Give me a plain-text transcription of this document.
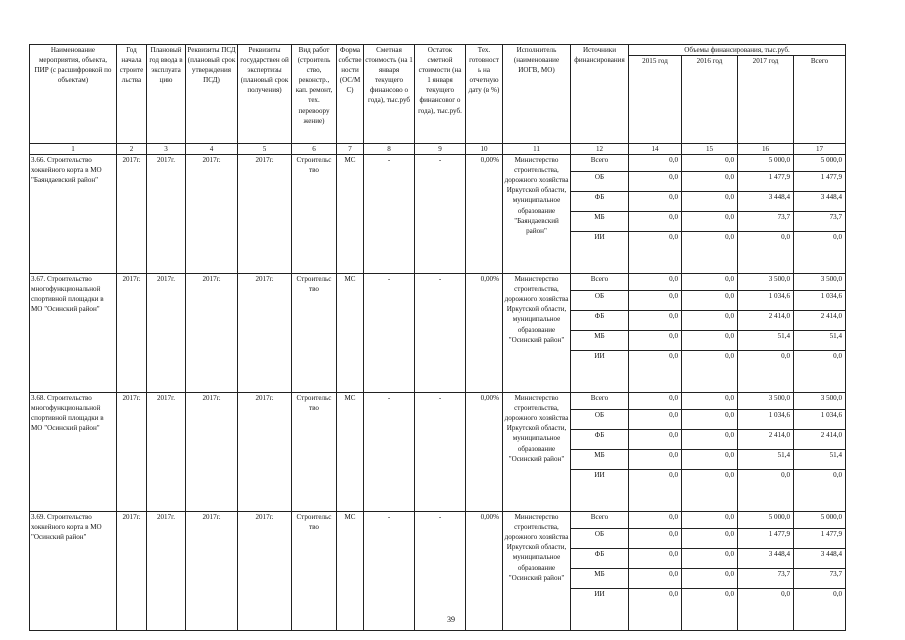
Наименование мероприятия, объекта, ПИР (с расшифровкой по объектам)	Год начала строите льства	Плановый год ввода в эксплуата цию	Реквизиты ПСД (плановый срок утверждения ПСД)	Реквизиты государствен ой экспертизы (плановый срок получения)	Вид работ (строитель ство, реконстр., кап. ремонт, тех. перевоору жение)	Форма собстве ности (ОС/М С)	Сметная стоимость (на 1 января текущего финансово о года), тыс.руб	Остаток сметной стоимости (на 1 января текущего финансовог о года), тыс.руб.	Тех. готовност ь на отчетную дату (в %)	Исполнитель (наименование ИОГВ, МО)	Источники финансирования	Объемы финансирования, тыс.руб.			
												2015 год	2016 год	2017 год	Всего
1	2	3	4	5	6	7	8	9	10	11	12	14	15	16	17
3.66. Строительство хоккейного корта в МО "Баяндаевский район"	2017г.	2017г.	2017г.	2017г.	Строительс тво	МС	-	-	0,00%	Министерство строительства, дорожного хозяйства Иркутской области, муниципальное образование "Баяндаевский район"	Всего	0,0	0,0	5 000,0	5 000,0
											ОБ	0,0	0,0	1 477,9	1 477,9
											ФБ	0,0	0,0	3 448,4	3 448,4
											МБ	0,0	0,0	73,7	73,7
											ИИ	0,0	0,0	0,0	0,0
3.67. Строительство многофункциональной спортивной площадки в МО "Осинский район"	2017г.	2017г.	2017г.	2017г.	Строительс тво	МС	-	-	0,00%	Министерство строительства, дорожного хозяйства Иркутской области, муниципальное образование "Осинский район"	Всего	0,0	0,0	3 500,0	3 500,0
											ОБ	0,0	0,0	1 034,6	1 034,6
											ФБ	0,0	0,0	2 414,0	2 414,0
											МБ	0,0	0,0	51,4	51,4
											ИИ	0,0	0,0	0,0	0,0
3.68. Строительство многофункциональной спортивной площадки в МО "Осинский район"	2017г.	2017г.	2017г.	2017г.	Строительс тво	МС	-	-	0,00%	Министерство строительства, дорожного хозяйства Иркутской области, муниципальное образование "Осинский район"	Всего	0,0	0,0	3 500,0	3 500,0
											ОБ	0,0	0,0	1 034,6	1 034,6
											ФБ	0,0	0,0	2 414,0	2 414,0
											МБ	0,0	0,0	51,4	51,4
											ИИ	0,0	0,0	0,0	0,0
3.69. Строительство хоккейного корта в МО "Осинский район"	2017г.	2017г.	2017г.	2017г.	Строительс тво	МС	-	-	0,00%	Министерство строительства, дорожного хозяйства Иркутской области, муниципальное образование "Осинский район"	Всего	0,0	0,0	5 000,0	5 000,0
											ОБ	0,0	0,0	1 477,9	1 477,9
											ФБ	0,0	0,0	3 448,4	3 448,4
											МБ	0,0	0,0	73,7	73,7
											ИИ	0,0	0,0	0,0	0,0
39
